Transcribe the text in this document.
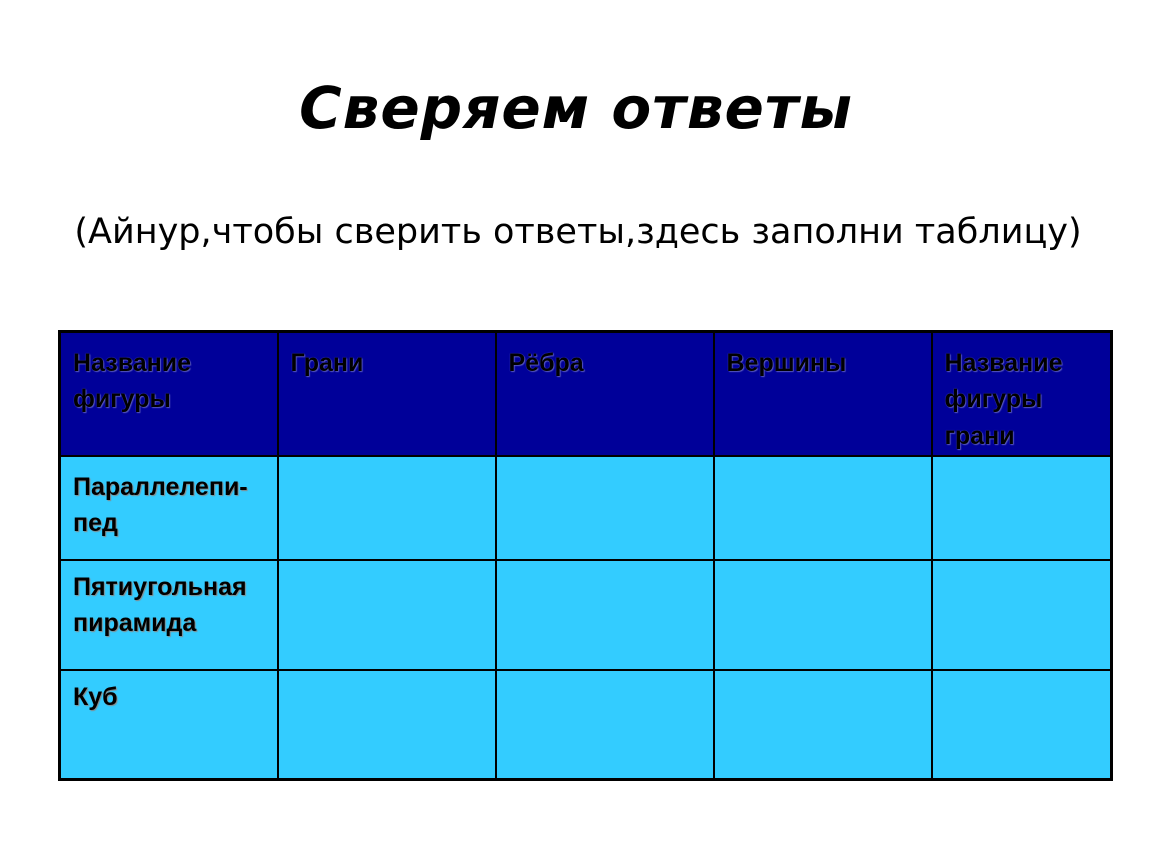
Сверяем ответы
(Айнур,чтобы сверить ответы,здесь заполни таблицу)
Название фигуры	Грани	Рёбра	Вершины	Название фигуры грани

Параллелепи-пед				

Пятиугольная пирамида				

Куб				
